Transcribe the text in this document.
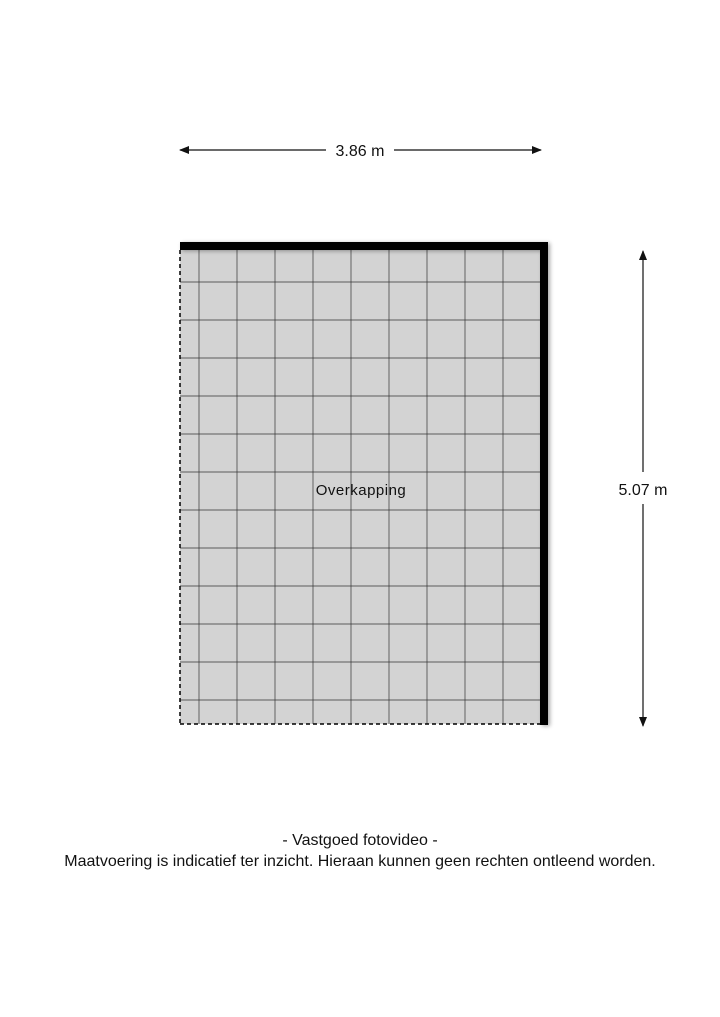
3.86 m
5.07 m
Overkapping
- Vastgoed fotovideo -
Maatvoering is indicatief ter inzicht. Hieraan kunnen geen rechten ontleend worden.
